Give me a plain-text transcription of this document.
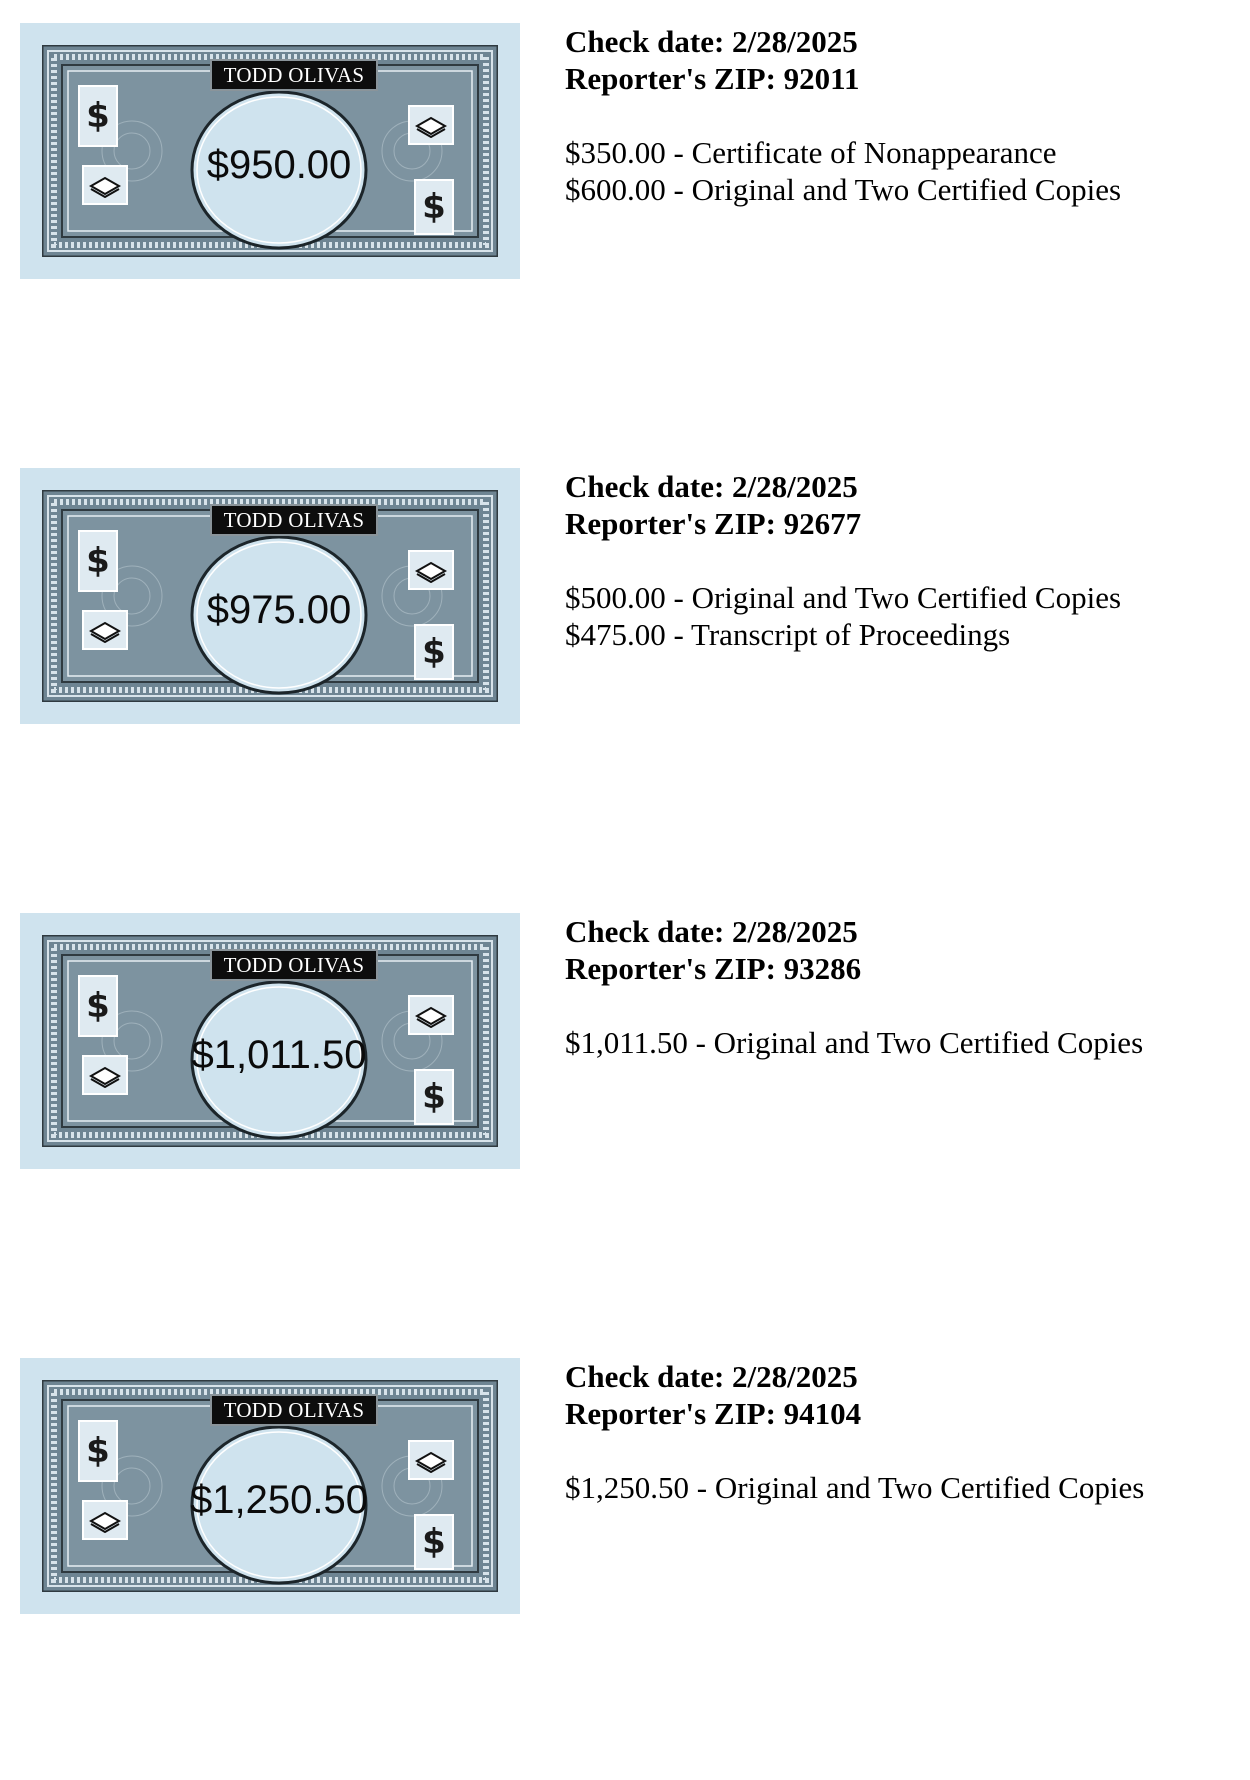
TODD OLIVAS
$950.00
$
$
Check date: 2/28/2025
Reporter's ZIP: 92011
$350.00 - Certificate of Nonappearance
$600.00 - Original and Two Certified Copies
TODD OLIVAS
$975.00
$
$
Check date: 2/28/2025
Reporter's ZIP: 92677
$500.00 - Original and Two Certified Copies
$475.00 - Transcript of Proceedings
TODD OLIVAS
$1,011.50
$
$
Check date: 2/28/2025
Reporter's ZIP: 93286
$1,011.50 - Original and Two Certified Copies
TODD OLIVAS
$1,250.50
$
$
Check date: 2/28/2025
Reporter's ZIP: 94104
$1,250.50 - Original and Two Certified Copies
